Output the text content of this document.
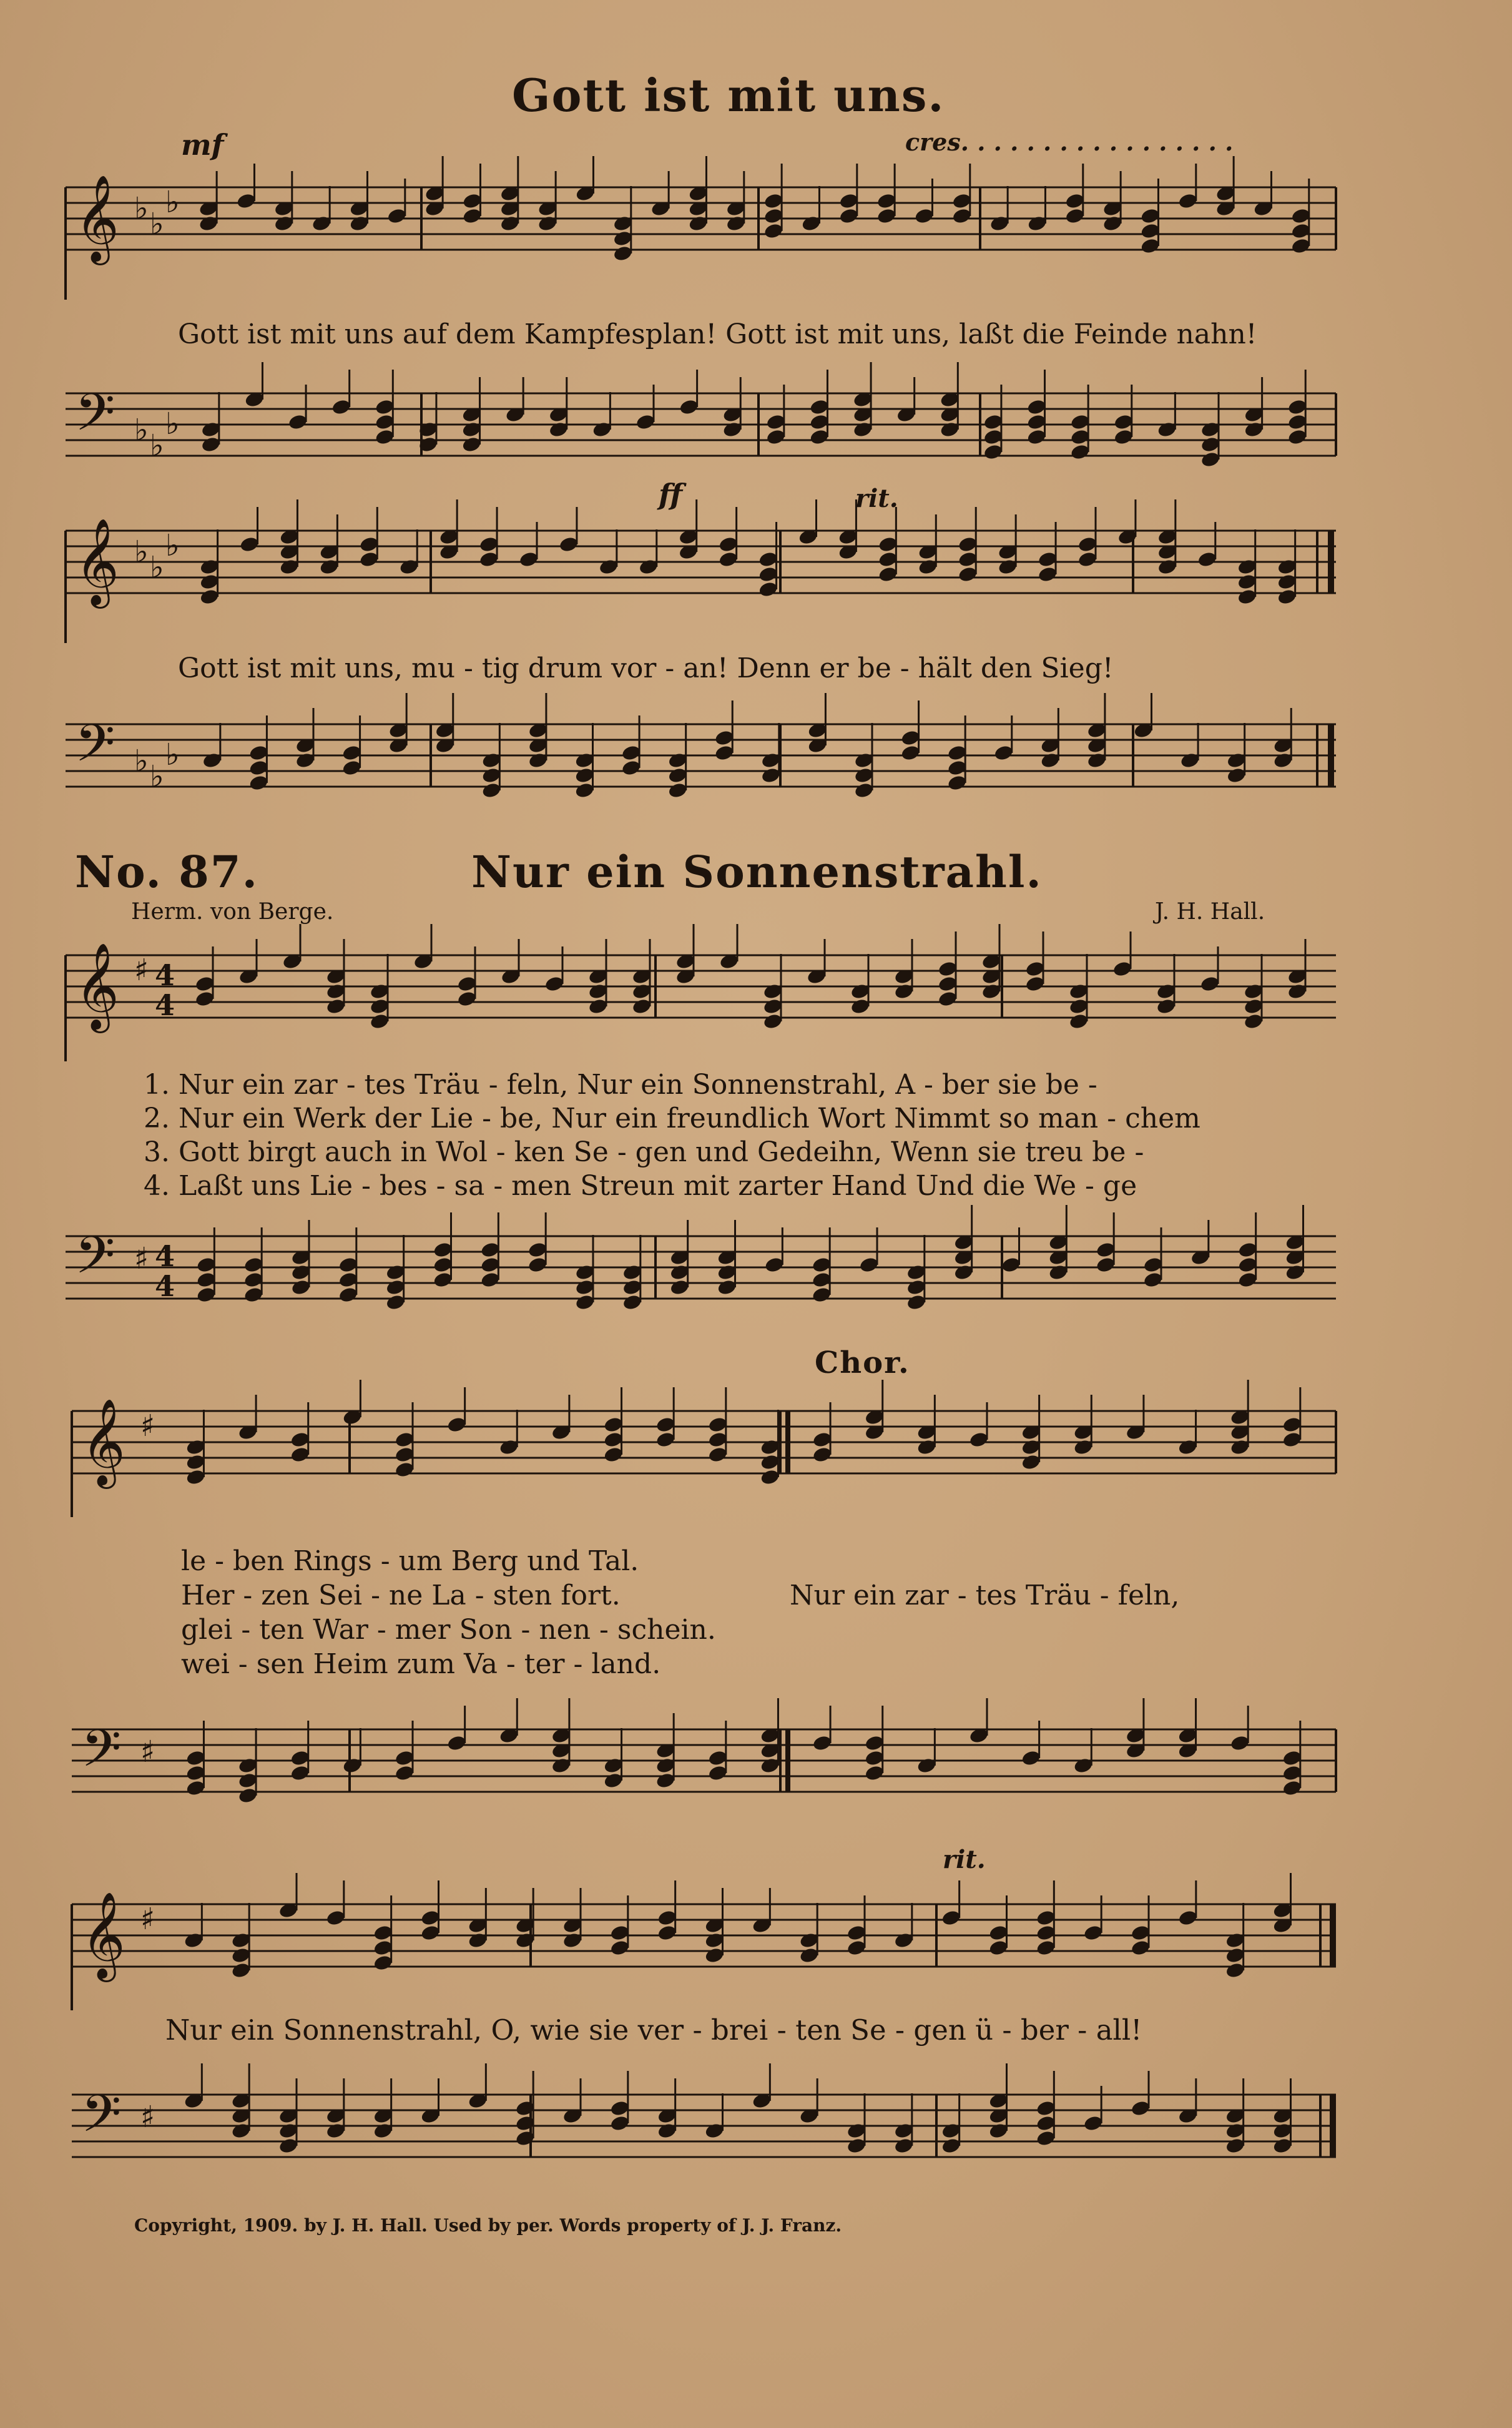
Gott ist mit uns.
mf	cres. . . . . . . . . . . . . . . . .
𝄞 ♭ ♭
♭
Gott ist mit uns auf dem Kampfesplan! Gott ist mit uns, laßt die Feinde nahn!
𝄢 ♭ ♭
♭
ff	rit.
𝄞 ♭ ♭
♭
Gott ist mit uns, mu - tig drum vor - an! Denn er be - hält den Sieg!
𝄢 ♭ ♭
♭
No. 87.	Nur ein Sonnenstrahl.
Herm. von Berge.	J. H. Hall.
𝄞 ♯ 4
4
1. Nur ein zar - tes Träu - feln, Nur ein Sonnenstrahl, A - ber sie be -
2. Nur ein Werk der Lie - be, Nur ein freundlich Wort Nimmt so man - chem
3. Gott birgt auch in Wol - ken Se - gen und Gedeihn, Wenn sie treu be -
4. Laßt uns Lie - bes - sa - men Streun mit zarter Hand Und die We - ge
𝄢 ♯ 4
4
Chor.
𝄞 ♯
le - ben Rings - um Berg und Tal.
Her - zen Sei - ne La - sten fort.	Nur ein zar - tes Träu - feln,
glei - ten War - mer Son - nen - schein.
wei - sen Heim zum Va - ter - land.
𝄢 ♯
rit.
𝄞 ♯
Nur ein Sonnenstrahl, O, wie sie ver - brei - ten Se - gen ü - ber - all!
𝄢 ♯
Copyright, 1909. by J. H. Hall. Used by per. Words property of J. J. Franz.
